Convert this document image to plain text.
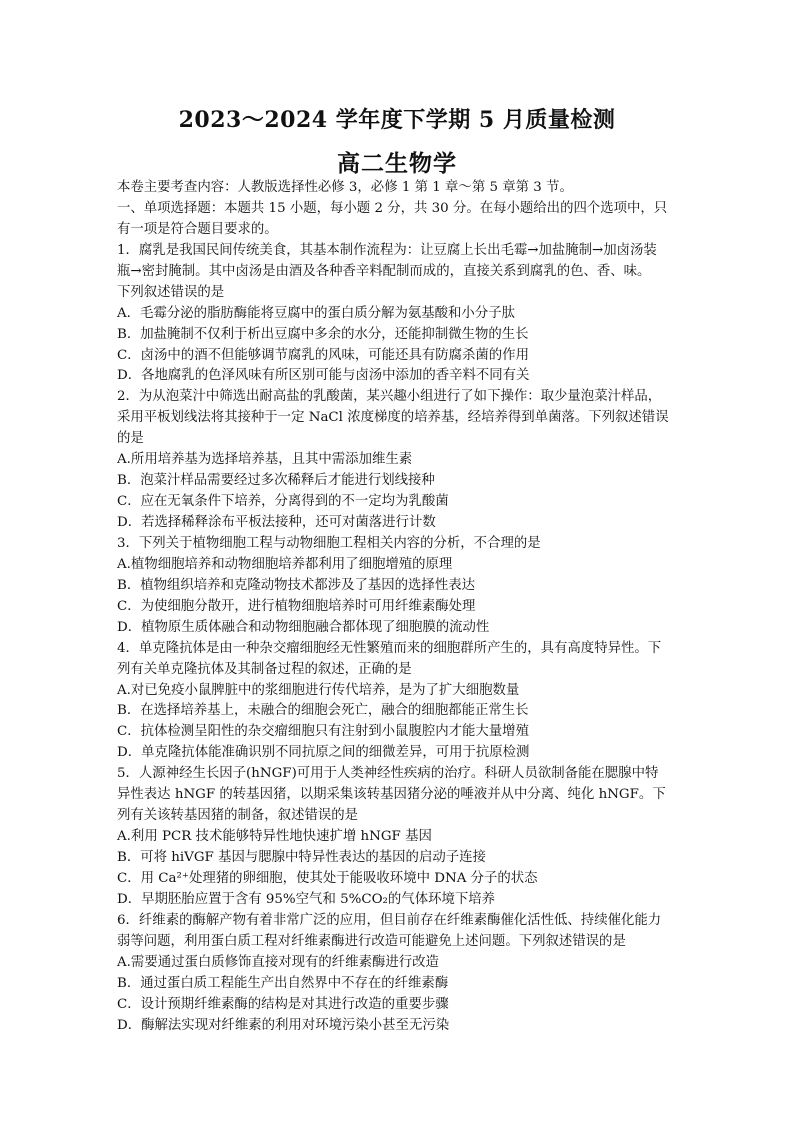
2023～2024 学年度下学期 5 月质量检测
高二生物学
本卷主要考查内容：人教版选择性必修 3，必修 1 第 1 章～第 5 章第 3 节。
一、单项选择题：本题共 15 小题，每小题 2 分，共 30 分。在每小题给出的四个选项中，只
有一项是符合题目要求的。
1．腐乳是我国民间传统美食，其基本制作流程为：让豆腐上长出毛霉→加盐腌制→加卤汤装
瓶→密封腌制。其中卤汤是由酒及各种香辛料配制而成的，直接关系到腐乳的色、香、味。
下列叙述错误的是
A．毛霉分泌的脂肪酶能将豆腐中的蛋白质分解为氨基酸和小分子肽
B．加盐腌制不仅利于析出豆腐中多余的水分，还能抑制微生物的生长
C．卤汤中的酒不但能够调节腐乳的风味，可能还具有防腐杀菌的作用
D．各地腐乳的色泽风味有所区别可能与卤汤中添加的香辛料不同有关
2．为从泡菜汁中筛选出耐高盐的乳酸菌，某兴趣小组进行了如下操作：取少量泡菜汁样品，
采用平板划线法将其接种于一定 NaCl 浓度梯度的培养基，经培养得到单菌落。下列叙述错误
的是
A.所用培养基为选择培养基，且其中需添加维生素
B．泡菜汁样品需要经过多次稀释后才能进行划线接种
C．应在无氧条件下培养，分离得到的不一定均为乳酸菌
D．若选择稀释涂布平板法接种，还可对菌落进行计数
3．下列关于植物细胞工程与动物细胞工程相关内容的分析，不合理的是
A.植物细胞培养和动物细胞培养都利用了细胞增殖的原理
B．植物组织培养和克隆动物技术都涉及了基因的选择性表达
C．为使细胞分散开，进行植物细胞培养时可用纤维素酶处理
D．植物原生质体融合和动物细胞融合都体现了细胞膜的流动性
4．单克隆抗体是由一种杂交瘤细胞经无性繁殖而来的细胞群所产生的，具有高度特异性。下
列有关单克隆抗体及其制备过程的叙述，正确的是
A.对已免疫小鼠脾脏中的浆细胞进行传代培养，是为了扩大细胞数量
B．在选择培养基上，未融合的细胞会死亡，融合的细胞都能正常生长
C．抗体检测呈阳性的杂交瘤细胞只有注射到小鼠腹腔内才能大量增殖
D．单克隆抗体能准确识别不同抗原之间的细微差异，可用于抗原检测
5．人源神经生长因子(hNGF)可用于人类神经性疾病的治疗。科研人员欲制备能在腮腺中特
异性表达 hNGF 的转基因猪，以期采集该转基因猪分泌的唾液并从中分离、纯化 hNGF。下
列有关该转基因猪的制备，叙述错误的是
A.利用 PCR 技术能够特异性地快速扩增 hNGF 基因
B．可将 hiVGF 基因与腮腺中特异性表达的基因的启动子连接
C．用 Ca²⁺处理猪的卵细胞，使其处于能吸收环境中 DNA 分子的状态
D．早期胚胎应置于含有 95%空气和 5%CO₂的气体环境下培养
6．纤维素的酶解产物有着非常广泛的应用，但目前存在纤维素酶催化活性低、持续催化能力
弱等问题，利用蛋白质工程对纤维素酶进行改造可能避免上述问题。下列叙述错误的是
A.需要通过蛋白质修饰直接对现有的纤维素酶进行改造
B．通过蛋白质工程能生产出自然界中不存在的纤维素酶
C．设计预期纤维素酶的结构是对其进行改造的重要步骤
D．酶解法实现对纤维素的利用对环境污染小甚至无污染
